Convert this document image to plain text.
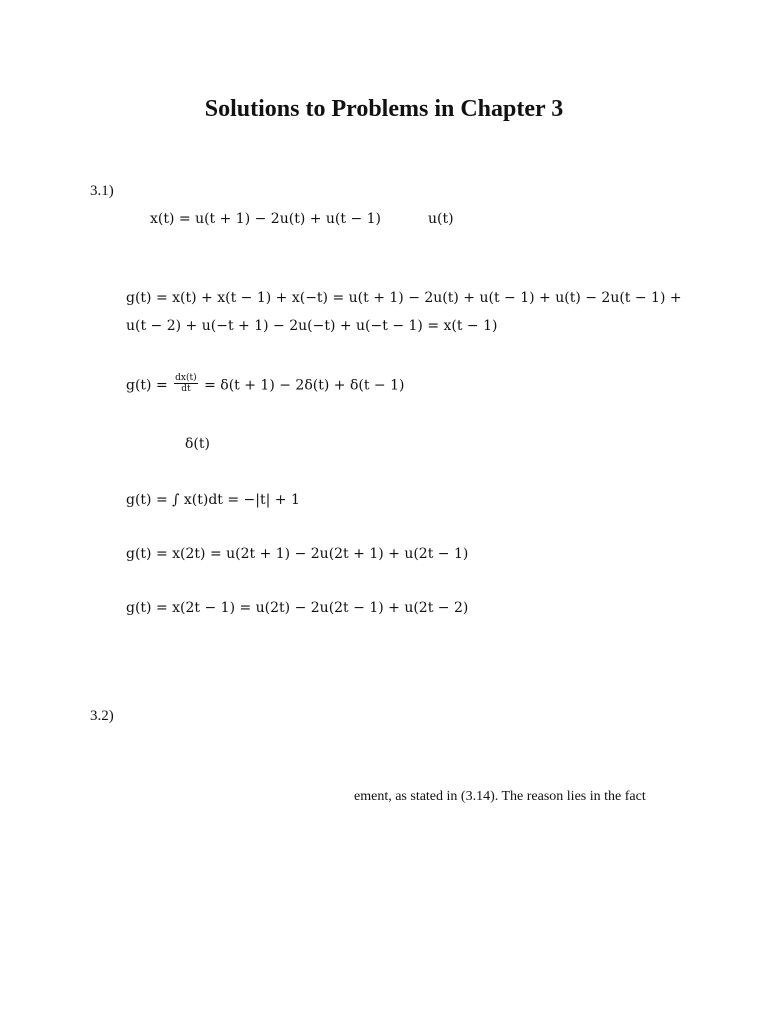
Solutions to Problems in Chapter 3
3.1)
x(t) = u(t + 1) − 2u(t) + u(t − 1)	u(t)
g(t) = x(t) + x(t − 1) + x(−t) = u(t + 1) − 2u(t) + u(t − 1) + u(t) − 2u(t − 1) +
u(t − 2) + u(−t + 1) − 2u(−t) + u(−t − 1) = x(t − 1)
$g(t) = \frac{dx(t)}{dt} = \delta(t + 1) - 2\delta(t) + \delta(t - 1)$
δ(t)
g(t) = ∫ x(t)dt = −|t| + 1
g(t) = x(2t) = u(2t + 1) − 2u(2t + 1) + u(2t − 1)
g(t) = x(2t − 1) = u(2t) − 2u(2t − 1) + u(2t − 2)
3.2)
ement, as stated in (3.14). The reason lies in the fact
